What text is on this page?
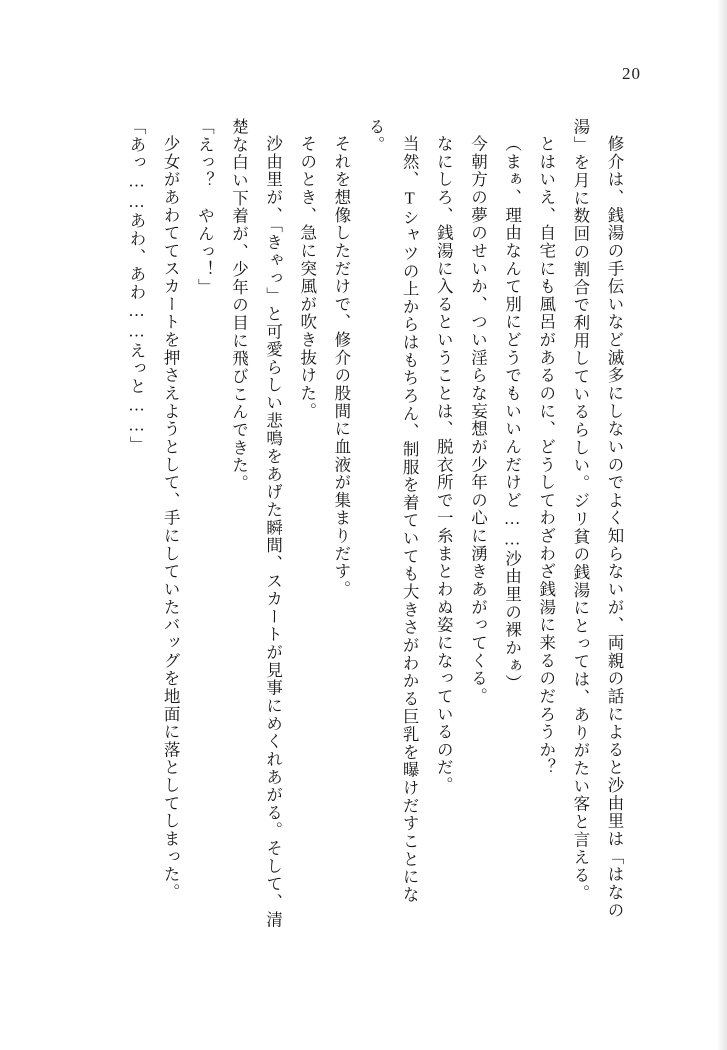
20

修介は、銭湯の手伝いなど滅多にしないのでよく知らないが、両親の話によると沙由里は「はなの湯」を月に数回の割合で利用しているらしい。ジリ貧の銭湯にとっては、ありがたい客と言える。

とはいえ、自宅にも風呂があるのに、どうしてわざわざ銭湯に来るのだろうか？

（まぁ、理由なんて別にどうでもいいんだけど……沙由里の裸かぁ）

今朝方の夢のせいか、つい淫らな妄想が少年の心に湧きあがってくる。

なにしろ、銭湯に入るということは、脱衣所で一糸まとわぬ姿になっているのだ。

当然、Tシャツの上からはもちろん、制服を着ていても大きさがわかる巨乳を曝けだすことになる。

それを想像しただけで、修介の股間に血液が集まりだす。

そのとき、急に突風が吹き抜けた。

沙由里が、「きゃっ」と可愛らしい悲鳴をあげた瞬間、スカートが見事にめくれあがる。そして、清楚な白い下着が、少年の目に飛びこんできた。

「えっ？　やんっ！」

少女があわててスカートを押さえようとして、手にしていたバッグを地面に落としてしまった。

「あっ……あわ、あわ……えっと……」
